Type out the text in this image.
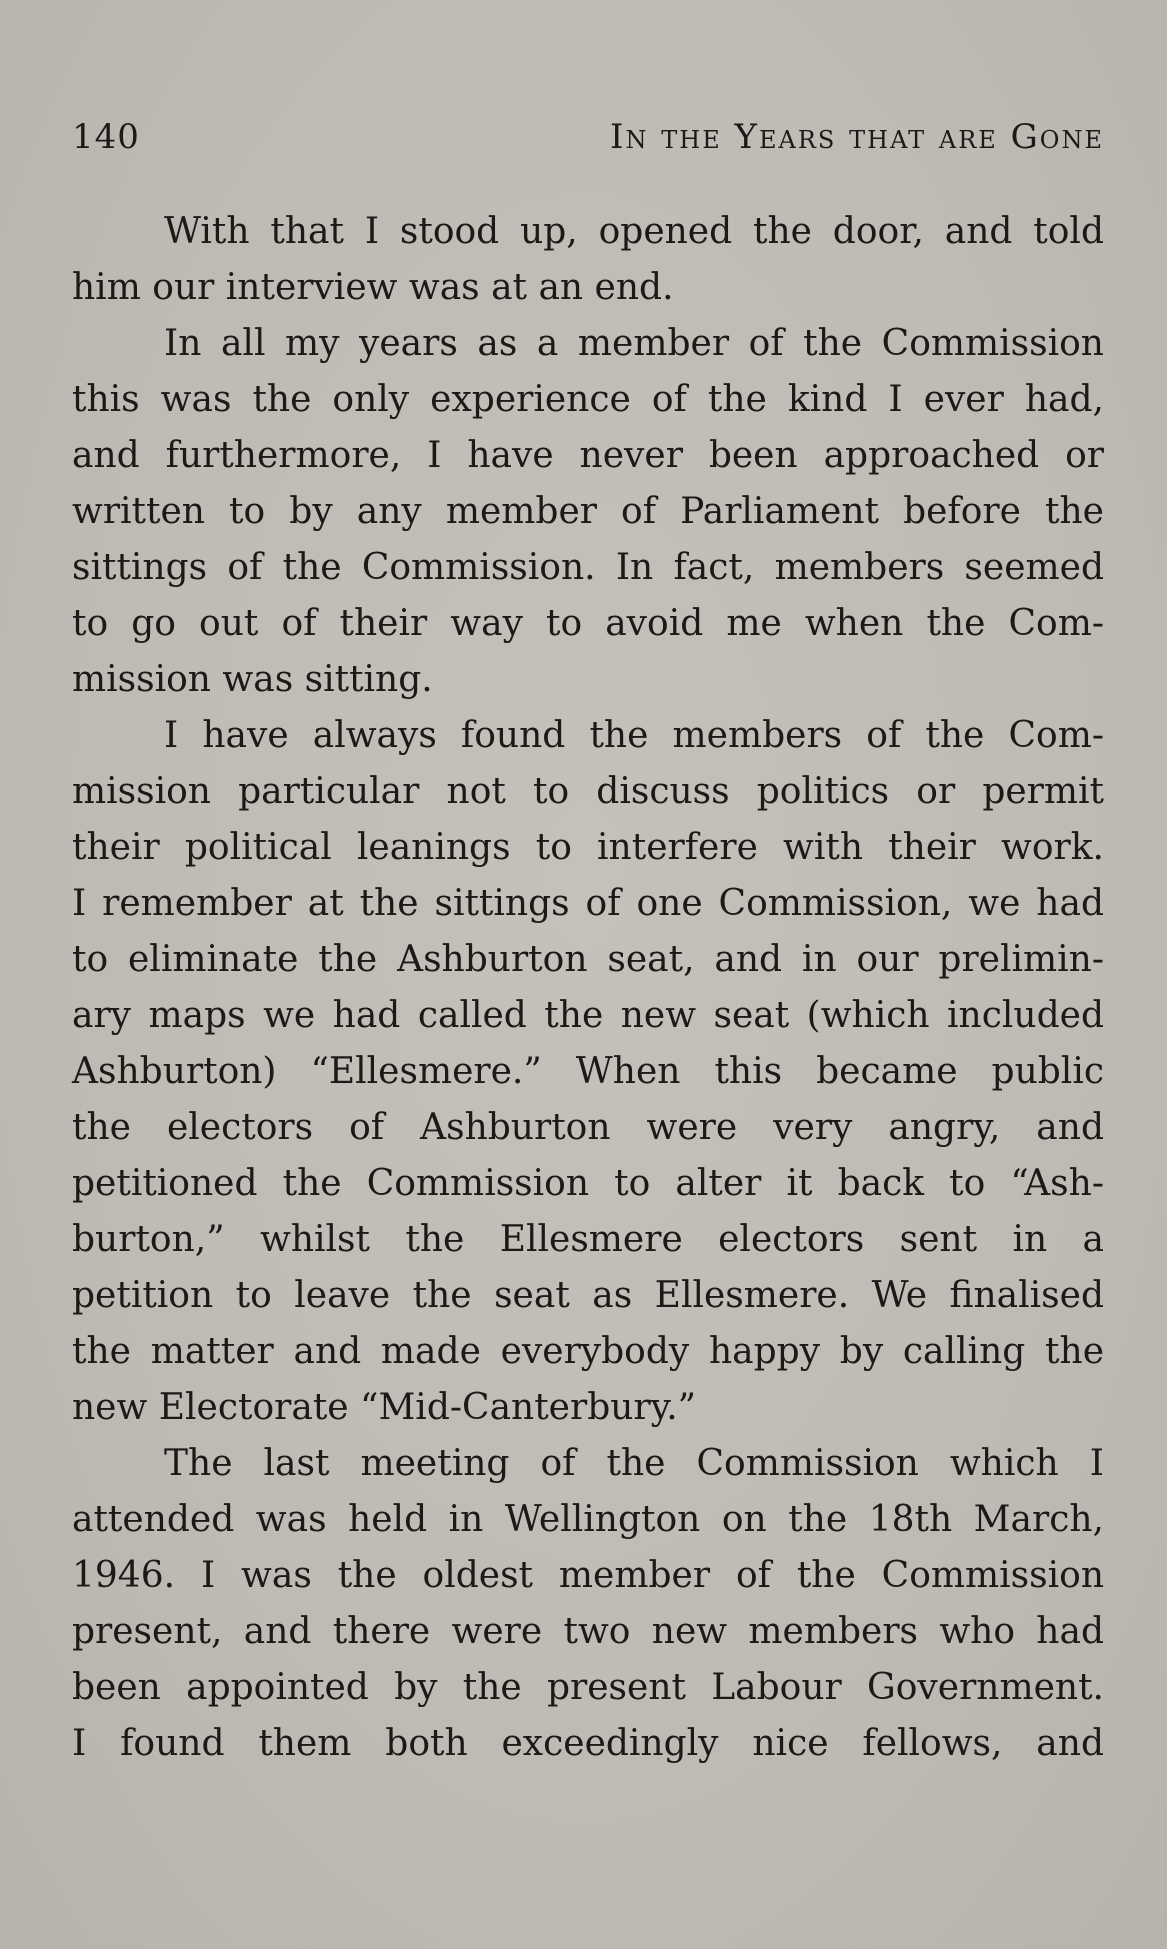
140	In the Years that are Gone
With that I stood up, opened the door, and told
him our interview was at an end.
In all my years as a member of the Commission
this was the only experience of the kind I ever had,
and furthermore, I have never been approached or
written to by any member of Parliament before the
sittings of the Commission. In fact, members seemed
to go out of their way to avoid me when the Com-
mission was sitting.
I have always found the members of the Com-
mission particular not to discuss politics or permit
their political leanings to interfere with their work.
I remember at the sittings of one Commission, we had
to eliminate the Ashburton seat, and in our prelimin-
ary maps we had called the new seat (which included
Ashburton) “Ellesmere.” When this became public
the electors of Ashburton were very angry, and
petitioned the Commission to alter it back to “Ash-
burton,” whilst the Ellesmere electors sent in a
petition to leave the seat as Ellesmere. We finalised
the matter and made everybody happy by calling the
new Electorate “Mid-Canterbury.”
The last meeting of the Commission which I
attended was held in Wellington on the 18th March,
1946. I was the oldest member of the Commission
present, and there were two new members who had
been appointed by the present Labour Government.
I found them both exceedingly nice fellows, and
